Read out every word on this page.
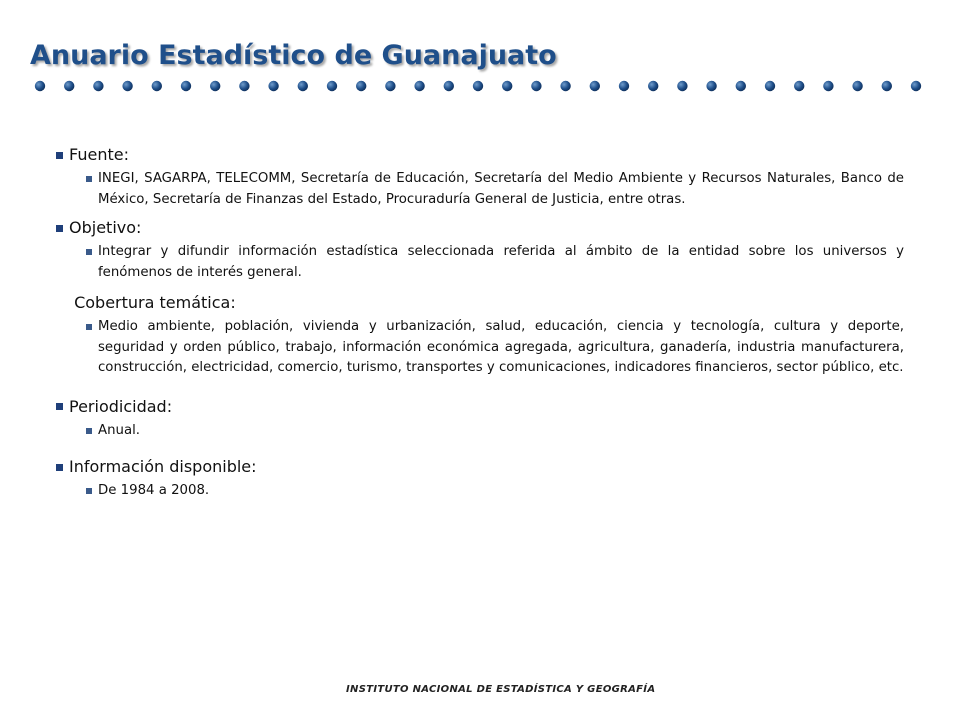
Anuario Estadístico de Guanajuato
Fuente:
INEGI, SAGARPA, TELECOMM, Secretaría de Educación, Secretaría del Medio Ambiente y Recursos Naturales, Banco de México, Secretaría de Finanzas del Estado, Procuraduría General de Justicia, entre otras.
Objetivo:
Integrar y difundir información estadística seleccionada referida al ámbito de la entidad sobre los universos y fenómenos de interés general.
Cobertura temática:
Medio ambiente, población, vivienda y urbanización, salud, educación, ciencia y tecnología, cultura y deporte, seguridad y orden público, trabajo, información económica agregada, agricultura, ganadería, industria manufacturera, construcción, electricidad, comercio, turismo, transportes y comunicaciones, indicadores financieros, sector público, etc.
Periodicidad:
Anual.
Información disponible:
De 1984 a 2008.
INSTITUTO NACIONAL DE ESTADÍSTICA Y GEOGRAFÍA
